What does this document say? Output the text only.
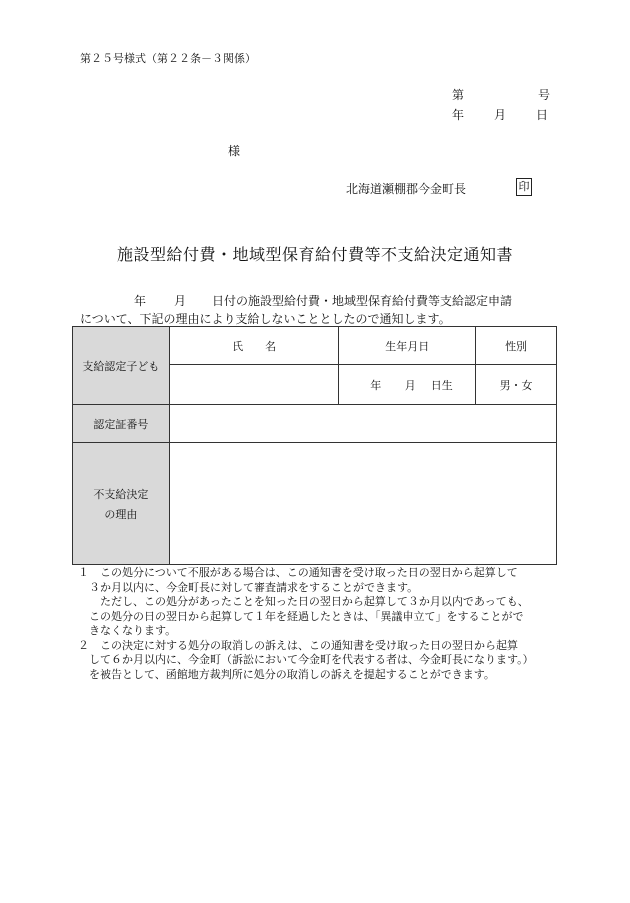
第２５号様式（第２２条－３関係）
第	号
年 月 日
様
北海道瀬棚郡今金町長	印
施設型給付費・地域型保育給付費等不支給決定通知書
年 月 日付の施設型給付費・地域型保育給付費等支給認定申請
について、下記の理由により支給しないこととしたので通知します。
支給認定子ども	氏　　名	生年月日	性別
		年 月 日生	男・女
認定証番号			

不支給決定
の理由			

１　この処分について不服がある場合は、この通知書を受け取った日の翌日から起算して
　３か月以内に、今金町長に対して審査請求をすることができます。
　　ただし、この処分があったことを知った日の翌日から起算して３か月以内であっても、
　この処分の日の翌日から起算して１年を経過したときは、「異議申立て」をすることがで
　きなくなります。
２　この決定に対する処分の取消しの訴えは、この通知書を受け取った日の翌日から起算
　して６か月以内に、今金町（訴訟において今金町を代表する者は、今金町長になります。）
　を被告として、函館地方裁判所に処分の取消しの訴えを提起することができます。
